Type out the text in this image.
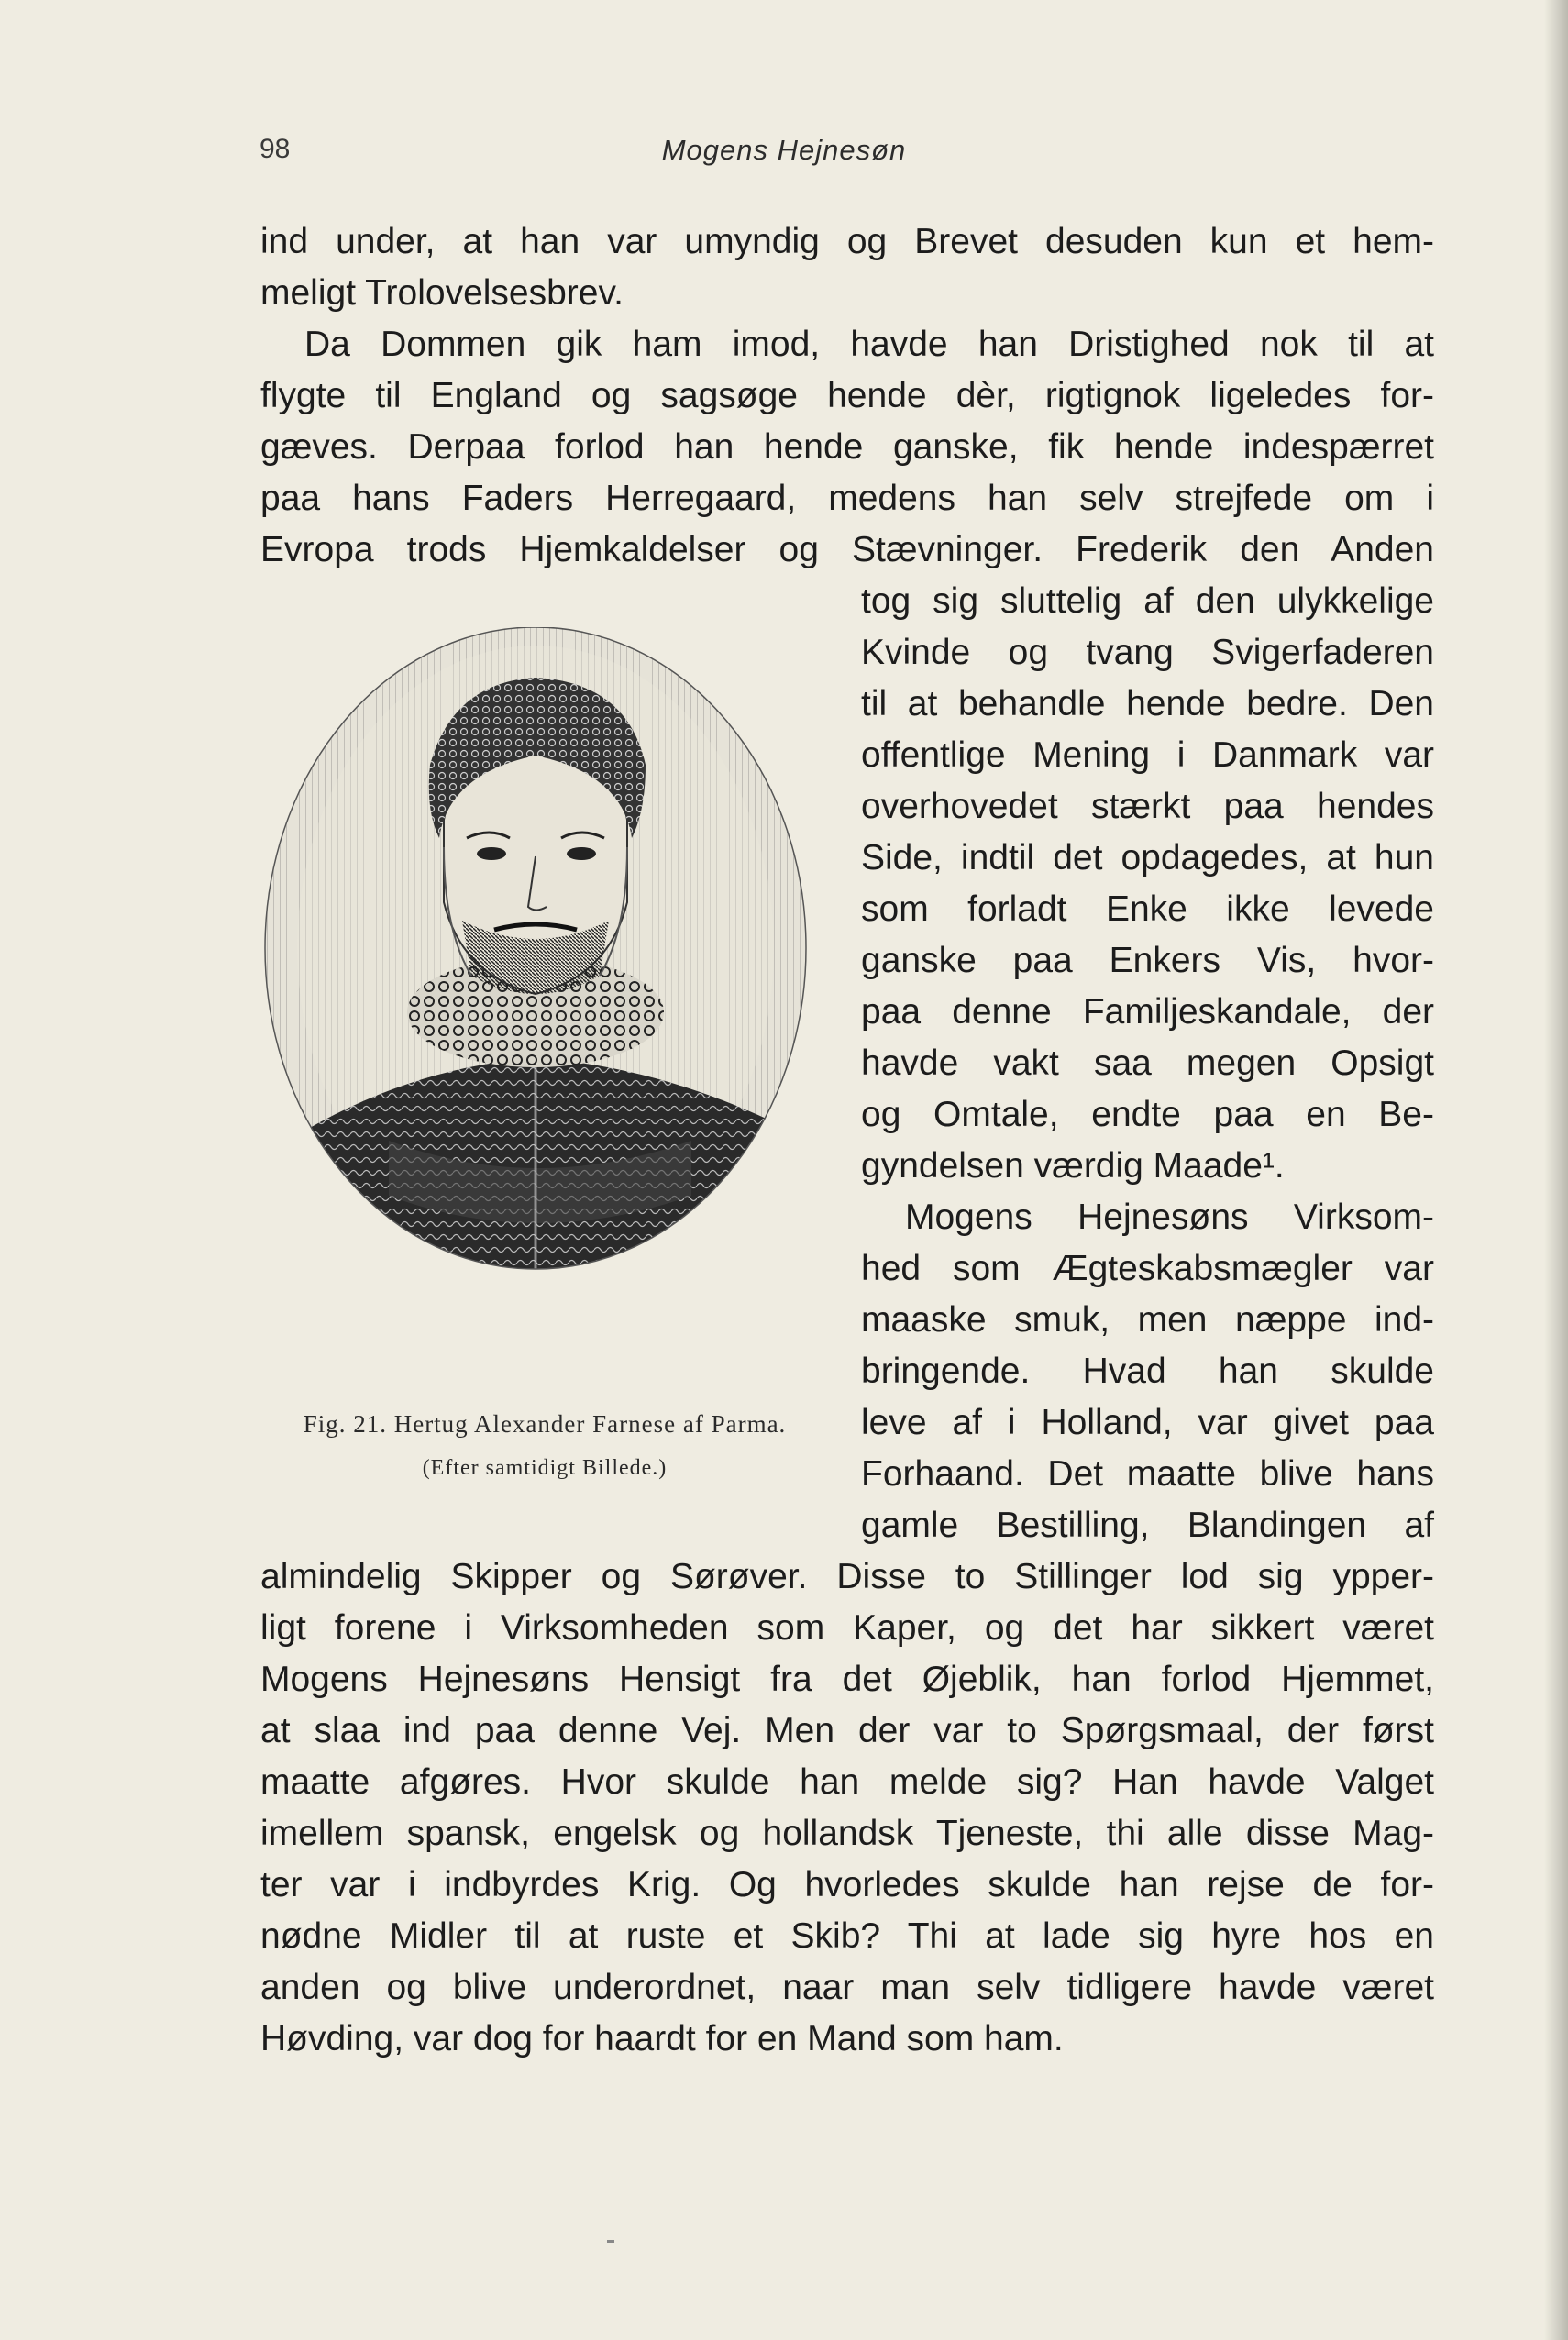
98	Mogens Hejnesøn
ind under, at han var umyndig og Brevet desuden kun et hem-
meligt Trolovelsesbrev.
Da Dommen gik ham imod, havde han Dristighed nok til at
flygte til England og sagsøge hende dèr, rigtignok ligeledes for-
gæves. Derpaa forlod han hende ganske, fik hende indespærret
paa hans Faders Herregaard, medens han selv strejfede om i
Evropa trods Hjemkaldelser og Stævninger. Frederik den Anden
tog sig sluttelig af den ulykkelige
Kvinde og tvang Svigerfaderen
til at behandle hende bedre. Den
offentlige Mening i Danmark var
overhovedet stærkt paa hendes
Side, indtil det opdagedes, at hun
som forladt Enke ikke levede
ganske paa Enkers Vis, hvor-
paa denne Familjeskandale, der
havde vakt saa megen Opsigt
og Omtale, endte paa en Be-
gyndelsen værdig Maade¹.
Mogens Hejnesøns Virksom-
hed som Ægteskabsmægler var
maaske smuk, men næppe ind-
bringende. Hvad han skulde
leve af i Holland, var givet paa
Forhaand. Det maatte blive hans
gamle Bestilling, Blandingen af
almindelig Skipper og Sørøver. Disse to Stillinger lod sig ypper-
ligt forene i Virksomheden som Kaper, og det har sikkert været
Mogens Hejnesøns Hensigt fra det Øjeblik, han forlod Hjemmet,
at slaa ind paa denne Vej. Men der var to Spørgsmaal, der først
maatte afgøres. Hvor skulde han melde sig? Han havde Valget
imellem spansk, engelsk og hollandsk Tjeneste, thi alle disse Mag-
ter var i indbyrdes Krig. Og hvorledes skulde han rejse de for-
nødne Midler til at ruste et Skib? Thi at lade sig hyre hos en
anden og blive underordnet, naar man selv tidligere havde været
Høvding, var dog for haardt for en Mand som ham.
Fig. 21. Hertug Alexander Farnese af Parma.
(Efter samtidigt Billede.)
